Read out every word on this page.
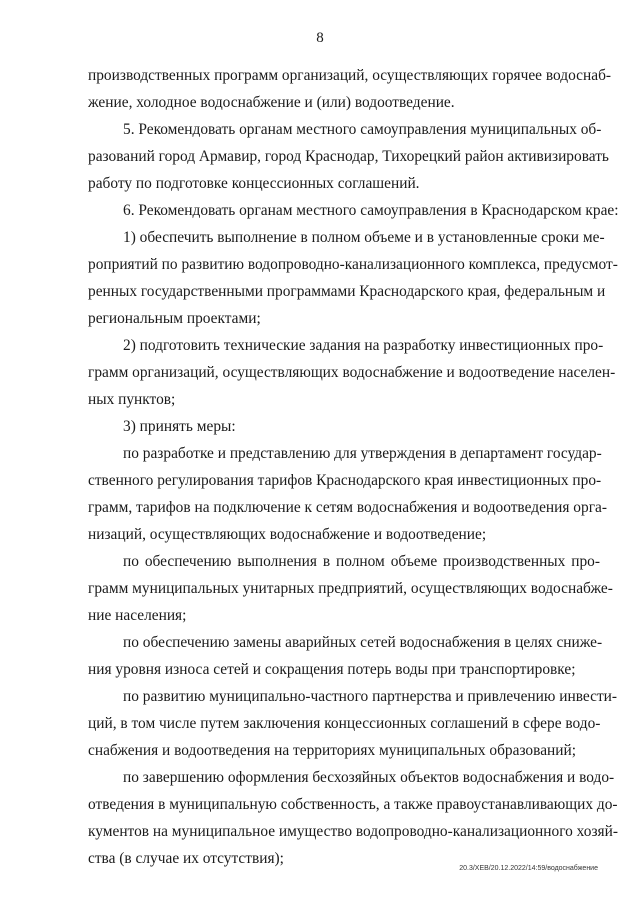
8
производственных программ организаций, осуществляющих горячее водоснаб-
жение, холодное водоснабжение и (или) водоотведение.
5. Рекомендовать органам местного самоуправления муниципальных об-
разований город Армавир, город Краснодар, Тихорецкий район активизировать
работу по подготовке концессионных соглашений.
6. Рекомендовать органам местного самоуправления в Краснодарском крае:
1) обеспечить выполнение в полном объеме и в установленные сроки ме-
роприятий по развитию водопроводно-канализационного комплекса, предусмот-
ренных государственными программами Краснодарского края, федеральным и
региональным проектами;
2) подготовить технические задания на разработку инвестиционных про-
грамм организаций, осуществляющих водоснабжение и водоотведение населен-
ных пунктов;
3) принять меры:
по разработке и представлению для утверждения в департамент государ-
ственного регулирования тарифов Краснодарского края инвестиционных про-
грамм, тарифов на подключение к сетям водоснабжения и водоотведения орга-
низаций, осуществляющих водоснабжение и водоотведение;
по обеспечению выполнения в полном объеме производственных про-
грамм муниципальных унитарных предприятий, осуществляющих водоснабже-
ние населения;
по обеспечению замены аварийных сетей водоснабжения в целях сниже-
ния уровня износа сетей и сокращения потерь воды при транспортировке;
по развитию муниципально-частного партнерства и привлечению инвести-
ций, в том числе путем заключения концессионных соглашений в сфере водо-
снабжения и водоотведения на территориях муниципальных образований;
по завершению оформления бесхозяйных объектов водоснабжения и водо-
отведения в муниципальную собственность, а также правоустанавливающих до-
кументов на муниципальное имущество водопроводно-канализационного хозяй-
ства (в случае их отсутствия);
20.3/ХЕВ/20.12.2022/14:59/водоснабжение
